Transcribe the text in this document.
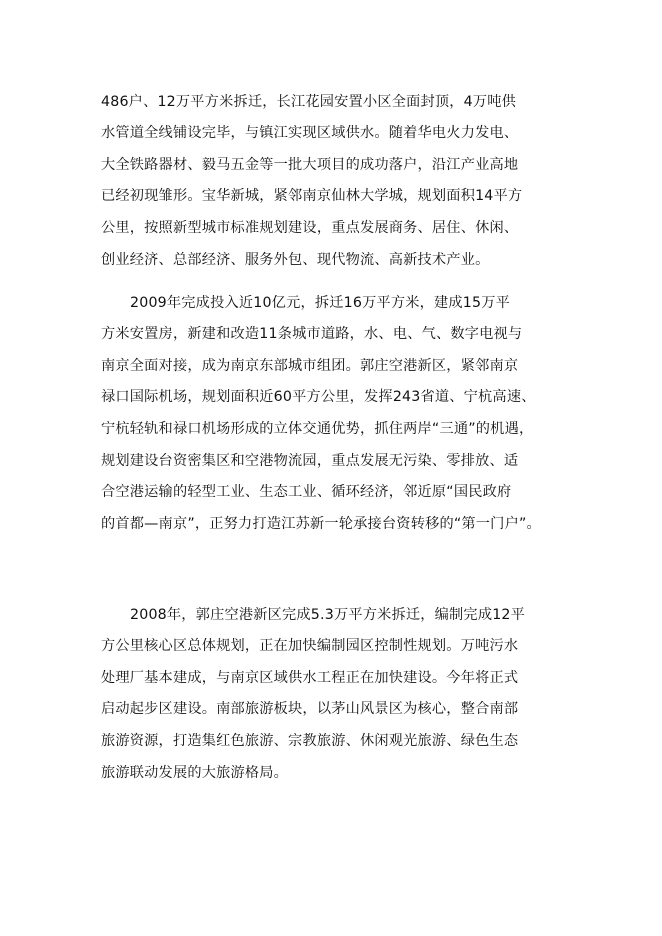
486户、12万平方米拆迁，长江花园安置小区全面封顶，4万吨供
水管道全线铺设完毕，与镇江实现区域供水。随着华电火力发电、
大全铁路器材、毅马五金等一批大项目的成功落户，沿江产业高地
已经初现雏形。宝华新城，紧邻南京仙林大学城，规划面积14平方
公里，按照新型城市标准规划建设，重点发展商务、居住、休闲、
创业经济、总部经济、服务外包、现代物流、高新技术产业。
2009年完成投入近10亿元，拆迁16万平方米，建成15万平
方米安置房，新建和改造11条城市道路，水、电、气、数字电视与
南京全面对接，成为南京东部城市组团。郭庄空港新区，紧邻南京
禄口国际机场，规划面积近60平方公里，发挥243省道、宁杭高速、
宁杭轻轨和禄口机场形成的立体交通优势，抓住两岸“三通”的机遇，
规划建设台资密集区和空港物流园，重点发展无污染、零排放、适
合空港运输的轻型工业、生态工业、循环经济，邻近原“国民政府
的首都—南京”，正努力打造江苏新一轮承接台资转移的“第一门户”。
2008年，郭庄空港新区完成5.3万平方米拆迁，编制完成12平
方公里核心区总体规划，正在加快编制园区控制性规划。万吨污水
处理厂基本建成，与南京区域供水工程正在加快建设。今年将正式
启动起步区建设。南部旅游板块，以茅山风景区为核心，整合南部
旅游资源，打造集红色旅游、宗教旅游、休闲观光旅游、绿色生态
旅游联动发展的大旅游格局。
